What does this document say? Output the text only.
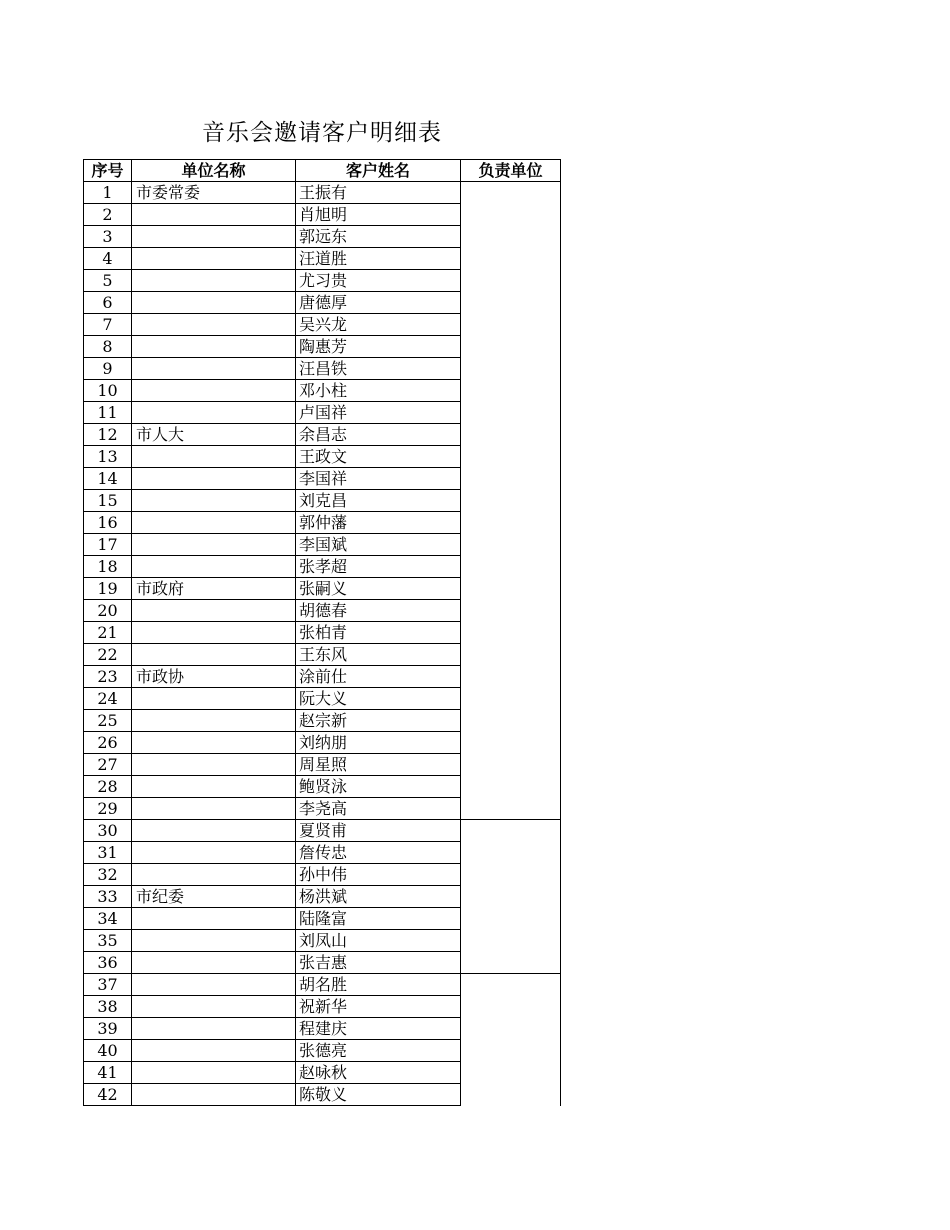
音乐会邀请客户明细表
序号	单位名称	客户姓名	负责单位
1	市委常委	王振有	
2		肖旭明	
3		郭远东	
4		汪道胜	
5		尤习贵	
6		唐德厚	
7		吴兴龙	
8		陶惠芳	
9		汪昌铁	
10		邓小柱	
11		卢国祥	
12	市人大	余昌志	
13		王政文	
14		李国祥	
15		刘克昌	
16		郭仲藩	
17		李国斌	
18		张孝超	
19	市政府	张嗣义	
20		胡德春	
21		张柏青	
22		王东风	
23	市政协	涂前仕	
24		阮大义	
25		赵宗新	
26		刘纳朋	
27		周星照	
28		鲍贤泳	
29		李尧高	
30		夏贤甫	
31		詹传忠	
32		孙中伟	
33	市纪委	杨洪斌	
34		陆隆富	
35		刘凤山	
36		张吉惠	
37		胡名胜	
38		祝新华	
39		程建庆	
40		张德亮	
41		赵咏秋	
42		陈敬义	
